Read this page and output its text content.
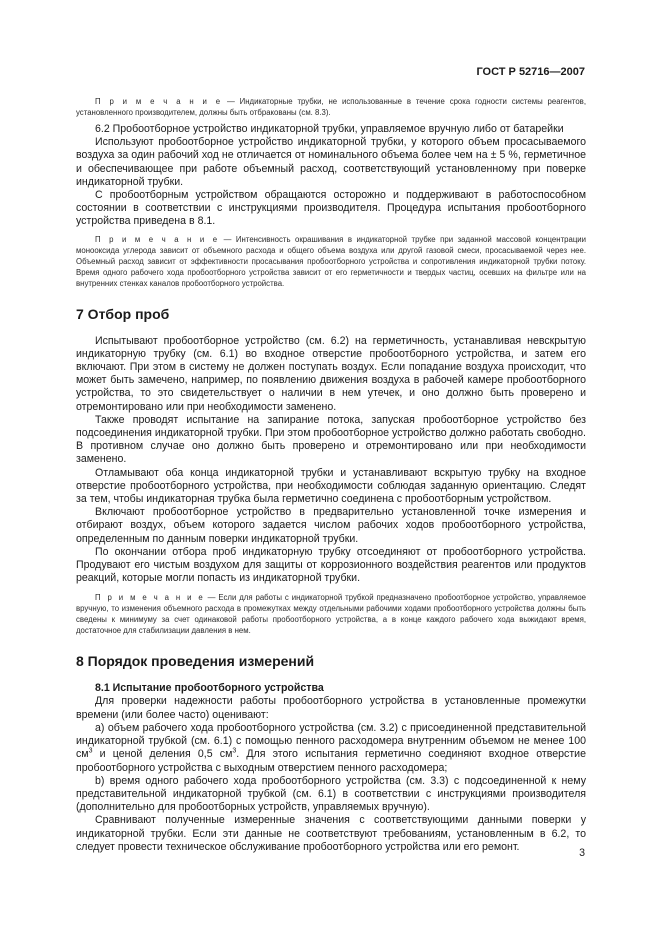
ГОСТ Р 52716—2007

П р и м е ч а н и е — Индикаторные трубки, не использованные в течение срока годности системы реагентов, установленного производителем, должны быть отбракованы (см. 8.3).

6.2 Пробоотборное устройство индикаторной трубки, управляемое вручную либо от батарейки

Используют пробоотборное устройство индикаторной трубки, у которого объем просасываемого воздуха за один рабочий ход не отличается от номинального объема более чем на ± 5 %, герметичное и обеспечивающее при работе объемный расход, соответствующий установленному при поверке индикаторной трубки.

С пробоотборным устройством обращаются осторожно и поддерживают в работоспособном состоянии в соответствии с инструкциями производителя. Процедура испытания пробоотборного устройства приведена в 8.1.

П р и м е ч а н и е — Интенсивность окрашивания в индикаторной трубке при заданной массовой концентрации монооксида углерода зависит от объемного расхода и общего объема воздуха или другой газовой смеси, просасываемой через нее. Объемный расход зависит от эффективности просасывания пробоотборного устройства и сопротивления индикаторной трубки потоку. Время одного рабочего хода пробоотборного устройства зависит от его герметичности и твердых частиц, осевших на фильтре или на внутренних стенках каналов пробоотборного устройства.

7 Отбор проб

Испытывают пробоотборное устройство (см. 6.2) на герметичность, устанавливая невскрытую индикаторную трубку (см. 6.1) во входное отверстие пробоотборного устройства, и затем его включают. При этом в систему не должен поступать воздух. Если попадание воздуха происходит, что может быть замечено, например, по появлению движения воздуха в рабочей камере пробоотборного устройства, то это свидетельствует о наличии в нем утечек, и оно должно быть проверено и отремонтировано или при необходимости заменено.

Также проводят испытание на запирание потока, запуская пробоотборное устройство без подсоединения индикаторной трубки. При этом пробоотборное устройство должно работать свободно. В противном случае оно должно быть проверено и отремонтировано или при необходимости заменено.

Отламывают оба конца индикаторной трубки и устанавливают вскрытую трубку на входное отверстие пробоотборного устройства, при необходимости соблюдая заданную ориентацию. Следят за тем, чтобы индикаторная трубка была герметично соединена с пробоотборным устройством.

Включают пробоотборное устройство в предварительно установленной точке измерения и отбирают воздух, объем которого задается числом рабочих ходов пробоотборного устройства, определенным по данным поверки индикаторной трубки.

По окончании отбора проб индикаторную трубку отсоединяют от пробоотборного устройства. Продувают его чистым воздухом для защиты от коррозионного воздействия реагентов или продуктов реакций, которые могли попасть из индикаторной трубки.

П р и м е ч а н и е — Если для работы с индикаторной трубкой предназначено пробоотборное устройство, управляемое вручную, то изменения объемного расхода в промежутках между отдельными рабочими ходами пробоотборного устройства должны быть сведены к минимуму за счет одинаковой работы пробоотборного устройства, а в конце каждого рабочего хода выжидают время, достаточное для стабилизации давления в нем.

8 Порядок проведения измерений

8.1 Испытание пробоотборного устройства

Для проверки надежности работы пробоотборного устройства в установленные промежутки времени (или более часто) оценивают:

а) объем рабочего хода пробоотборного устройства (см. 3.2) с присоединенной представительной индикаторной трубкой (см. 6.1) с помощью пенного расходомера внутренним объемом не менее 100 $см^3$ и ценой деления 0,5 $см^3$. Для этого испытания герметично соединяют входное отверстие пробоотборного устройства с выходным отверстием пенного расходомера;

b) время одного рабочего хода пробоотборного устройства (см. 3.3) с подсоединенной к нему представительной индикаторной трубкой (см. 6.1) в соответствии с инструкциями производителя (дополнительно для пробоотборных устройств, управляемых вручную).

Сравнивают полученные измеренные значения с соответствующими данными поверки у индикаторной трубки. Если эти данные не соответствуют требованиям, установленным в 6.2, то следует провести техническое обслуживание пробоотборного устройства или его ремонт.

3
